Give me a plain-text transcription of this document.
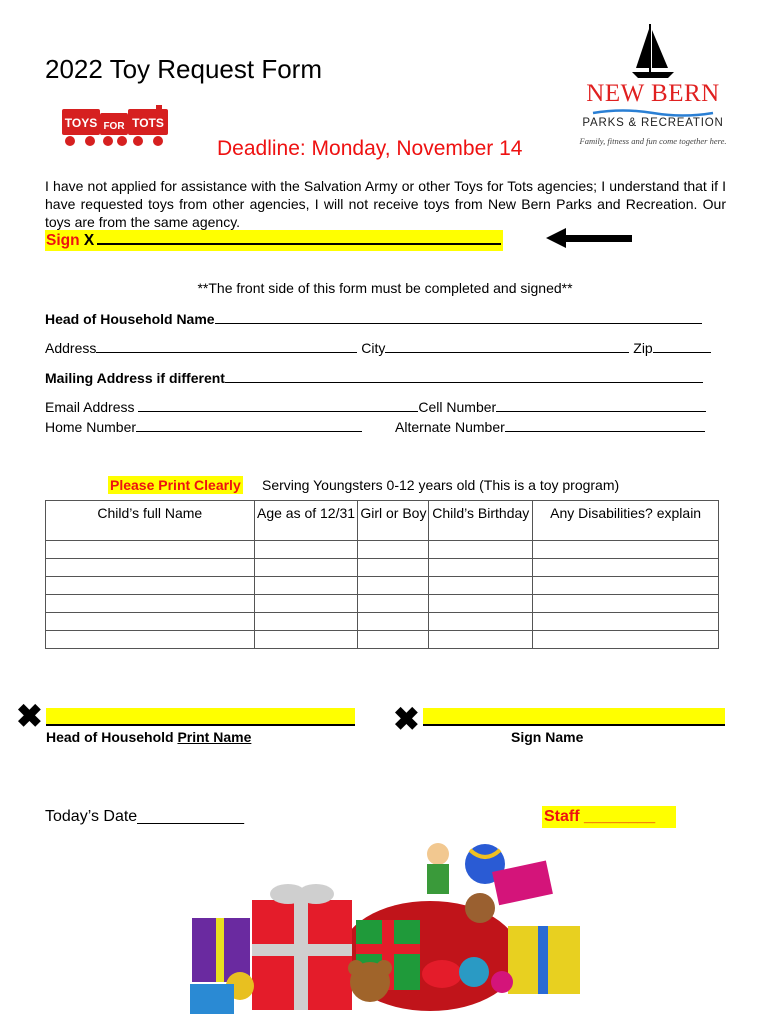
2022 Toy Request Form
TOYS FOR TOTS
NEW BERN
PARKS & RECREATION
Family, fitness and fun come together here.
Deadline: Monday, November 14
I have not applied for assistance with the Salvation Army or other Toys for Tots agencies; I understand that if I have requested toys from other agencies, I will not receive toys from New Bern Parks and Recreation. Our toys are from the same agency.
Sign X
**The front side of this form must be completed and signed**
Head of Household Name
Address	City	Zip
Mailing Address if different
Email Address	Cell Number
Home Number	Alternate Number
Please Print Clearly Serving Youngsters 0-12 years old (This is a toy program)
Child’s full Name	Age as of 12/31	Girl or Boy	Child’s Birthday	Any Disabilities? explain

✖
Head of Household Print Name	✖	Sign Name
Today’s Date____________	Staff ________
